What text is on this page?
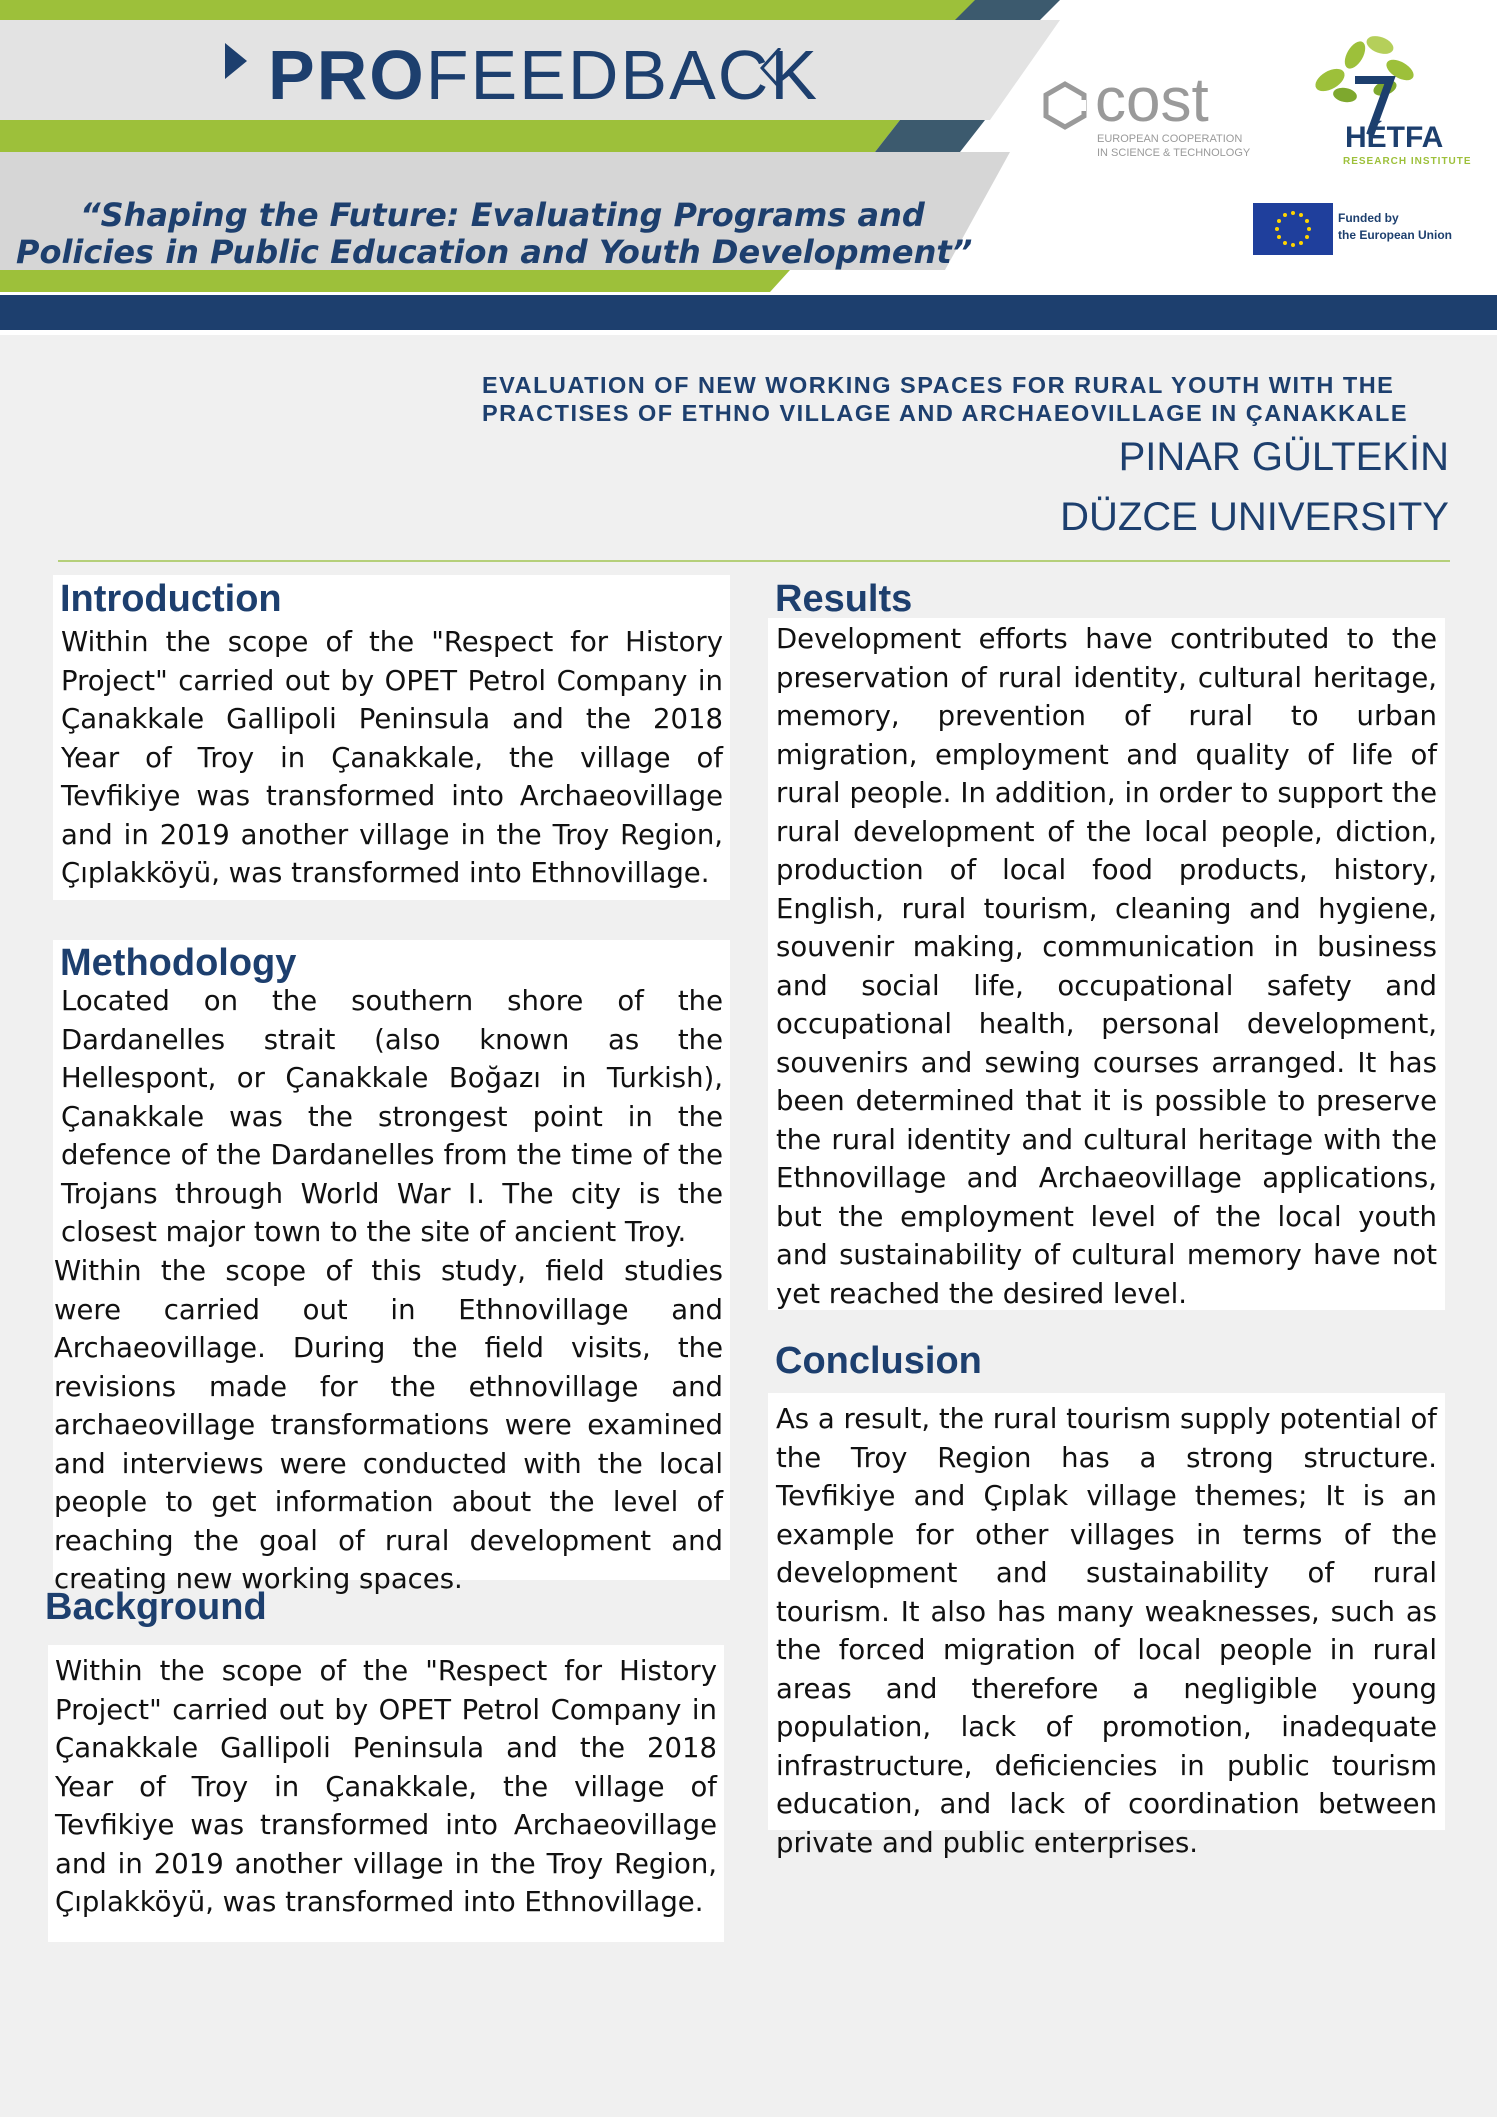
PROFEEDBACK
“Shaping the Future: Evaluating Programs and
Policies in Public Education and Youth Development”
cost
EUROPEAN COOPERATION
IN SCIENCE & TECHNOLOGY	HÉTFA
RESEARCH INSTITUTE
Funded by
the European Union
EVALUATION OF NEW WORKING SPACES FOR RURAL YOUTH WITH THE
PRACTISES OF ETHNO VILLAGE AND ARCHAEOVILLAGE IN ÇANAKKALE
PINAR GÜLTEKİN
DÜZCE UNIVERSITY
Introduction

Within the scope of the "Respect for History Project" carried out by OPET Petrol Company in Çanakkale Gallipoli Peninsula and the 2018 Year of Troy in Çanakkale, the village of Tevfikiye was transformed into Archaeovillage and in 2019 another village in the Troy Region, Çıplakköyü, was transformed into Ethnovillage.

Methodology

Located on the southern shore of the Dardanelles strait (also known as the Hellespont, or Çanakkale Boğazı in Turkish), Çanakkale was the strongest point in the defence of the Dardanelles from the time of the Trojans through World War I. The city is the closest major town to the site of ancient Troy.

Within the scope of this study, field studies were carried out in Ethnovillage and Archaeovillage. During the field visits, the revisions made for the ethnovillage and archaeovillage transformations were examined and interviews were conducted with the local people to get information about the level of reaching the goal of rural development and creating new working spaces.

Background

Within the scope of the "Respect for History Project" carried out by OPET Petrol Company in Çanakkale Gallipoli Peninsula and the 2018 Year of Troy in Çanakkale, the village of Tevfikiye was transformed into Archaeovillage and in 2019 another village in the Troy Region, Çıplakköyü, was transformed into Ethnovillage.

Results

Development efforts have contributed to the preservation of rural identity, cultural heritage, memory, prevention of rural to urban migration, employment and quality of life of rural people. In addition, in order to support the rural development of the local people, diction, production of local food products, history, English, rural tourism, cleaning and hygiene, souvenir making, communication in business and social life, occupational safety and occupational health, personal development, souvenirs and sewing courses arranged. It has been determined that it is possible to preserve the rural identity and cultural heritage with the Ethnovillage and Archaeovillage applications, but the employment level of the local youth and sustainability of cultural memory have not yet reached the desired level.

Conclusion

As a result, the rural tourism supply potential of the Troy Region has a strong structure. Tevfikiye and Çıplak village themes; It is an example for other villages in terms of the development and sustainability of rural tourism. It also has many weaknesses, such as the forced migration of local people in rural areas and therefore a negligible young population, lack of promotion, inadequate infrastructure, deficiencies in public tourism education, and lack of coordination between private and public enterprises.
